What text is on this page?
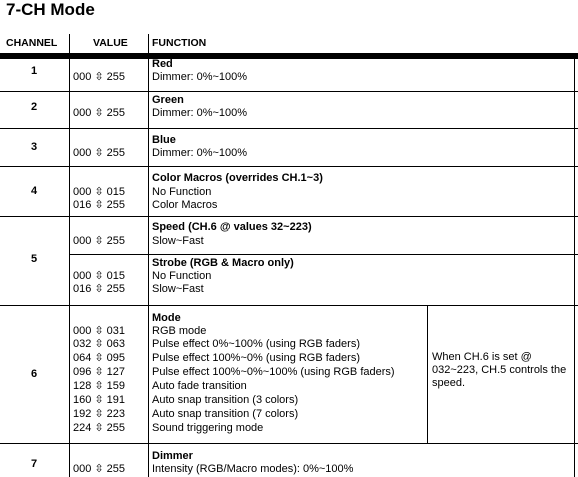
7-CH Mode
CHANNEL	VALUE FUNCTION
1
Red
000 ⇳ 255 Dimmer: 0%~100%
2
Green
000 ⇳ 255 Dimmer: 0%~100%
3
Blue
000 ⇳ 255 Dimmer: 0%~100%
4
Color Macros (overrides CH.1~3)
000 ⇳ 015 No Function
016 ⇳ 255 Color Macros
5
Speed (CH.6 @ values 32~223)
000 ⇳ 255 Slow~Fast
Strobe (RGB & Macro only)
000 ⇳ 015 No Function
016 ⇳ 255 Slow~Fast
6
Mode
000 ⇳ 031 RGB mode
032 ⇳ 063 Pulse effect 0%~100% (using RGB faders)
064 ⇳ 095 Pulse effect 100%~0% (using RGB faders)
096 ⇳ 127 Pulse effect 100%~0%~100% (using RGB faders)
128 ⇳ 159 Auto fade transition
160 ⇳ 191 Auto snap transition (3 colors)
192 ⇳ 223 Auto snap transition (7 colors)
224 ⇳ 255 Sound triggering mode
When CH.6 is set @ 032~223, CH.5 controls the speed.
7
Dimmer
000 ⇳ 255 Intensity (RGB/Macro modes): 0%~100%
